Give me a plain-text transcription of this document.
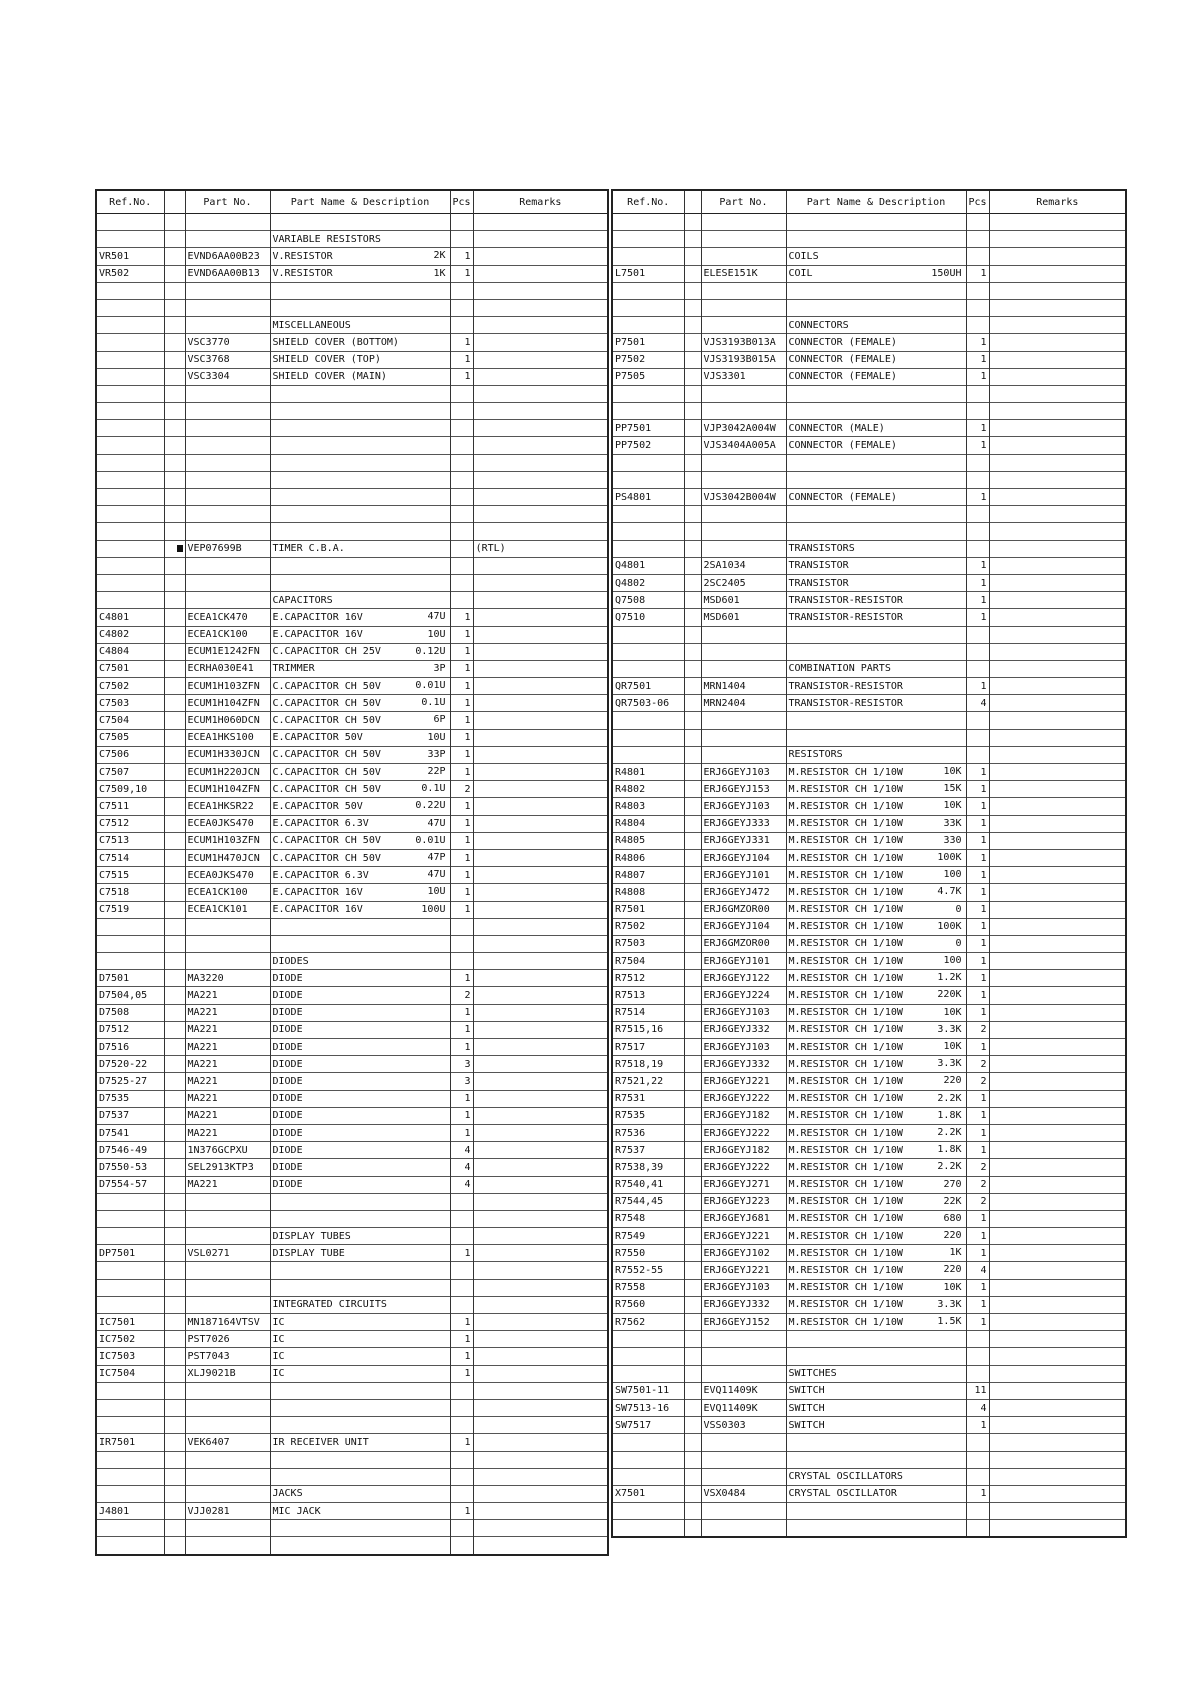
Ref.No.		Part No.	Part Name & Description	Pcs	Remarks

			VARIABLE RESISTORS		
VR501		EVND6AA00B23	V.RESISTOR 2K	1	
VR502		EVND6AA00B13	V.RESISTOR 1K	1	

			MISCELLANEOUS		
		VSC3770	SHIELD COVER (BOTTOM)	1	
		VSC3768	SHIELD COVER (TOP)	1	
		VSC3304	SHIELD COVER (MAIN)	1	

		VEP07699B	TIMER C.B.A.		(RTL)

			CAPACITORS		
C4801		ECEA1CK470	E.CAPACITOR 16V 47U	1	
C4802		ECEA1CK100	E.CAPACITOR 16V 10U	1	
C4804		ECUM1E1242FN	C.CAPACITOR CH 25V 0.12U	1	
C7501		ECRHA030E41	TRIMMER 3P	1	
C7502		ECUM1H103ZFN	C.CAPACITOR CH 50V 0.01U	1	
C7503		ECUM1H104ZFN	C.CAPACITOR CH 50V 0.1U	1	
C7504		ECUM1H060DCN	C.CAPACITOR CH 50V 6P	1	
C7505		ECEA1HKS100	E.CAPACITOR 50V 10U	1	
C7506		ECUM1H330JCN	C.CAPACITOR CH 50V 33P	1	
C7507		ECUM1H220JCN	C.CAPACITOR CH 50V 22P	1	
C7509,10		ECUM1H104ZFN	C.CAPACITOR CH 50V 0.1U	2	
C7511		ECEA1HKSR22	E.CAPACITOR 50V 0.22U	1	
C7512		ECEA0JKS470	E.CAPACITOR 6.3V 47U	1	
C7513		ECUM1H103ZFN	C.CAPACITOR CH 50V 0.01U	1	
C7514		ECUM1H470JCN	C.CAPACITOR CH 50V 47P	1	
C7515		ECEA0JKS470	E.CAPACITOR 6.3V 47U	1	
C7518		ECEA1CK100	E.CAPACITOR 16V 10U	1	
C7519		ECEA1CK101	E.CAPACITOR 16V 100U	1	

			DIODES		
D7501		MA3220	DIODE	1	
D7504,05		MA221	DIODE	2	
D7508		MA221	DIODE	1	
D7512		MA221	DIODE	1	
D7516		MA221	DIODE	1	
D7520-22		MA221	DIODE	3	
D7525-27		MA221	DIODE	3	
D7535		MA221	DIODE	1	
D7537		MA221	DIODE	1	
D7541		MA221	DIODE	1	
D7546-49		1N376GCPXU	DIODE	4	
D7550-53		SEL2913KTP3	DIODE	4	
D7554-57		MA221	DIODE	4	

			DISPLAY TUBES		
DP7501		VSL0271	DISPLAY TUBE	1	

			INTEGRATED CIRCUITS		
IC7501		MN187164VTSV	IC	1	
IC7502		PST7026	IC	1	
IC7503		PST7043	IC	1	
IC7504		XLJ9021B	IC	1	

IR7501		VEK6407	IR RECEIVER UNIT	1	

			JACKS		
J4801		VJJ0281	MIC JACK	1	

Ref.No.		Part No.	Part Name & Description	Pcs	Remarks

			COILS		
L7501		ELESE151K	COIL 150UH	1	

			CONNECTORS		
P7501		VJS3193B013A	CONNECTOR (FEMALE)	1	
P7502		VJS3193B015A	CONNECTOR (FEMALE)	1	
P7505		VJS3301	CONNECTOR (FEMALE)	1	

PP7501		VJP3042A004W	CONNECTOR (MALE)	1	
PP7502		VJS3404A005A	CONNECTOR (FEMALE)	1	

PS4801		VJS3042B004W	CONNECTOR (FEMALE)	1	

			TRANSISTORS		
Q4801		2SA1034	TRANSISTOR	1	
Q4802		2SC2405	TRANSISTOR	1	
Q7508		MSD601	TRANSISTOR-RESISTOR	1	
Q7510		MSD601	TRANSISTOR-RESISTOR	1	

			COMBINATION PARTS		
QR7501		MRN1404	TRANSISTOR-RESISTOR	1	
QR7503-06		MRN2404	TRANSISTOR-RESISTOR	4	

			RESISTORS		
R4801		ERJ6GEYJ103	M.RESISTOR CH 1/10W 10K	1	
R4802		ERJ6GEYJ153	M.RESISTOR CH 1/10W 15K	1	
R4803		ERJ6GEYJ103	M.RESISTOR CH 1/10W 10K	1	
R4804		ERJ6GEYJ333	M.RESISTOR CH 1/10W 33K	1	
R4805		ERJ6GEYJ331	M.RESISTOR CH 1/10W 330	1	
R4806		ERJ6GEYJ104	M.RESISTOR CH 1/10W 100K	1	
R4807		ERJ6GEYJ101	M.RESISTOR CH 1/10W 100	1	
R4808		ERJ6GEYJ472	M.RESISTOR CH 1/10W 4.7K	1	
R7501		ERJ6GMZOR00	M.RESISTOR CH 1/10W 0	1	
R7502		ERJ6GEYJ104	M.RESISTOR CH 1/10W 100K	1	
R7503		ERJ6GMZOR00	M.RESISTOR CH 1/10W 0	1	
R7504		ERJ6GEYJ101	M.RESISTOR CH 1/10W 100	1	
R7512		ERJ6GEYJ122	M.RESISTOR CH 1/10W 1.2K	1	
R7513		ERJ6GEYJ224	M.RESISTOR CH 1/10W 220K	1	
R7514		ERJ6GEYJ103	M.RESISTOR CH 1/10W 10K	1	
R7515,16		ERJ6GEYJ332	M.RESISTOR CH 1/10W 3.3K	2	
R7517		ERJ6GEYJ103	M.RESISTOR CH 1/10W 10K	1	
R7518,19		ERJ6GEYJ332	M.RESISTOR CH 1/10W 3.3K	2	
R7521,22		ERJ6GEYJ221	M.RESISTOR CH 1/10W 220	2	
R7531		ERJ6GEYJ222	M.RESISTOR CH 1/10W 2.2K	1	
R7535		ERJ6GEYJ182	M.RESISTOR CH 1/10W 1.8K	1	
R7536		ERJ6GEYJ222	M.RESISTOR CH 1/10W 2.2K	1	
R7537		ERJ6GEYJ182	M.RESISTOR CH 1/10W 1.8K	1	
R7538,39		ERJ6GEYJ222	M.RESISTOR CH 1/10W 2.2K	2	
R7540,41		ERJ6GEYJ271	M.RESISTOR CH 1/10W 270	2	
R7544,45		ERJ6GEYJ223	M.RESISTOR CH 1/10W 22K	2	
R7548		ERJ6GEYJ681	M.RESISTOR CH 1/10W 680	1	
R7549		ERJ6GEYJ221	M.RESISTOR CH 1/10W 220	1	
R7550		ERJ6GEYJ102	M.RESISTOR CH 1/10W 1K	1	
R7552-55		ERJ6GEYJ221	M.RESISTOR CH 1/10W 220	4	
R7558		ERJ6GEYJ103	M.RESISTOR CH 1/10W 10K	1	
R7560		ERJ6GEYJ332	M.RESISTOR CH 1/10W 3.3K	1	
R7562		ERJ6GEYJ152	M.RESISTOR CH 1/10W 1.5K	1	

			SWITCHES		
SW7501-11		EVQ11409K	SWITCH	11	
SW7513-16		EVQ11409K	SWITCH	4	
SW7517		VSS0303	SWITCH	1	

			CRYSTAL OSCILLATORS		
X7501		VSX0484	CRYSTAL OSCILLATOR	1	
